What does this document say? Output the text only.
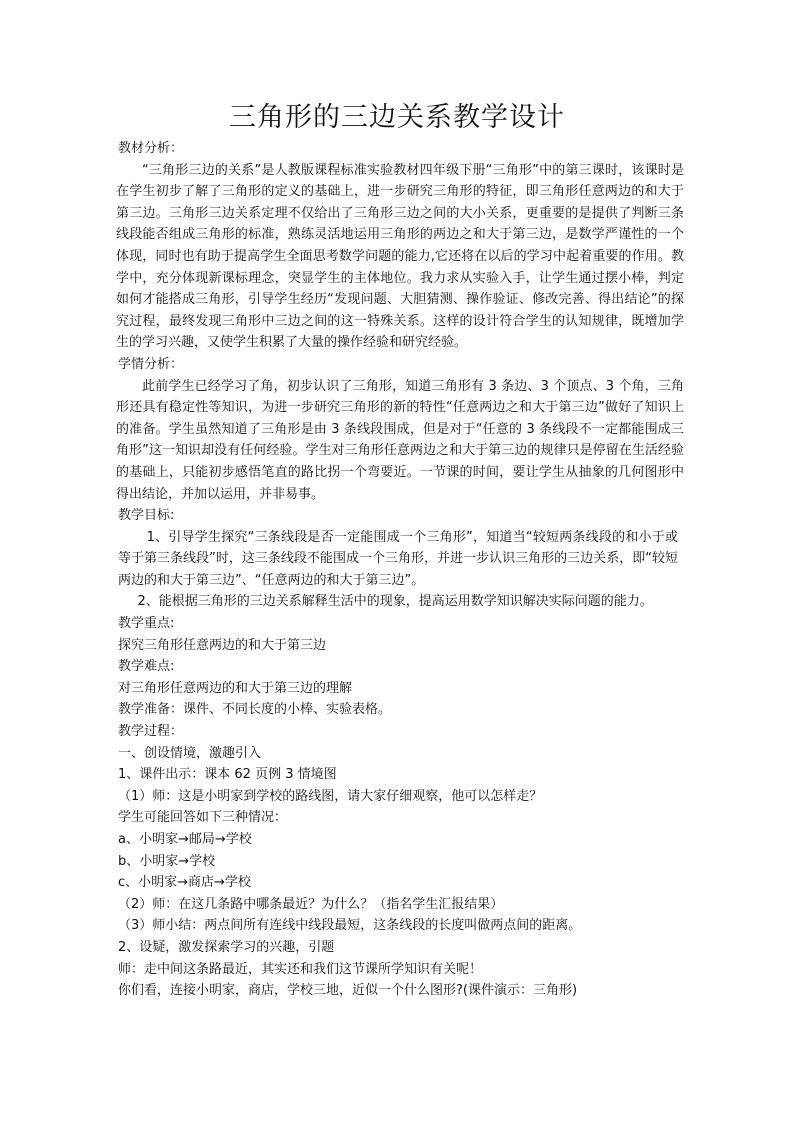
三角形的三边关系教学设计

教材分析：

“三角形三边的关系”是人教版课程标准实验教材四年级下册“三角形”中的第三课时，该课时是在学生初步了解了三角形的定义的基础上，进一步研究三角形的特征，即三角形任意两边的和大于第三边。三角形三边关系定理不仅给出了三角形三边之间的大小关系，更重要的是提供了判断三条线段能否组成三角形的标准，熟练灵活地运用三角形的两边之和大于第三边，是数学严谨性的一个体现，同时也有助于提高学生全面思考数学问题的能力,它还将在以后的学习中起着重要的作用。教学中，充分体现新课标理念，突显学生的主体地位。我力求从实验入手，让学生通过摆小棒，判定如何才能搭成三角形，引导学生经历“发现问题、大胆猜测、操作验证、修改完善、得出结论”的探究过程，最终发现三角形中三边之间的这一特殊关系。这样的设计符合学生的认知规律，既增加学生的学习兴趣，又使学生积累了大量的操作经验和研究经验。

学情分析：

此前学生已经学习了角，初步认识了三角形，知道三角形有 3 条边、3 个顶点、3 个角，三角形还具有稳定性等知识，为进一步研究三角形的新的特性“任意两边之和大于第三边”做好了知识上的准备。学生虽然知道了三角形是由 3 条线段围成，但是对于“任意的 3 条线段不一定都能围成三角形”这一知识却没有任何经验。学生对三角形任意两边之和大于第三边的规律只是停留在生活经验的基础上，只能初步感悟笔直的路比拐一个弯要近。一节课的时间，要让学生从抽象的几何图形中得出结论，并加以运用，并非易事。

教学目标:

1、引导学生探究“三条线段是否一定能围成一个三角形”，知道当“较短两条线段的和小于或等于第三条线段”时，这三条线段不能围成一个三角形，并进一步认识三角形的三边关系，即“较短两边的和大于第三边”、“任意两边的和大于第三边”。

2、能根据三角形的三边关系解释生活中的现象，提高运用数学知识解决实际问题的能力。

教学重点:

探究三角形任意两边的和大于第三边

教学难点:

对三角形任意两边的和大于第三边的理解

教学准备：课件、不同长度的小棒、实验表格。

教学过程：

一、创设情境，激趣引入

1、课件出示：课本 62 页例 3 情境图

（1）师：这是小明家到学校的路线图，请大家仔细观察，他可以怎样走？

学生可能回答如下三种情况：

a、小明家→邮局→学校

b、小明家→学校

c、小明家→商店→学校

（2）师：在这几条路中哪条最近？为什么？（指名学生汇报结果）

（3）师小结：两点间所有连线中线段最短，这条线段的长度叫做两点间的距离。

2、设疑，激发探索学习的兴趣，引题

师：走中间这条路最近，其实还和我们这节课所学知识有关呢！

你们看，连接小明家，商店，学校三地，近似一个什么图形?(课件演示：三角形)
